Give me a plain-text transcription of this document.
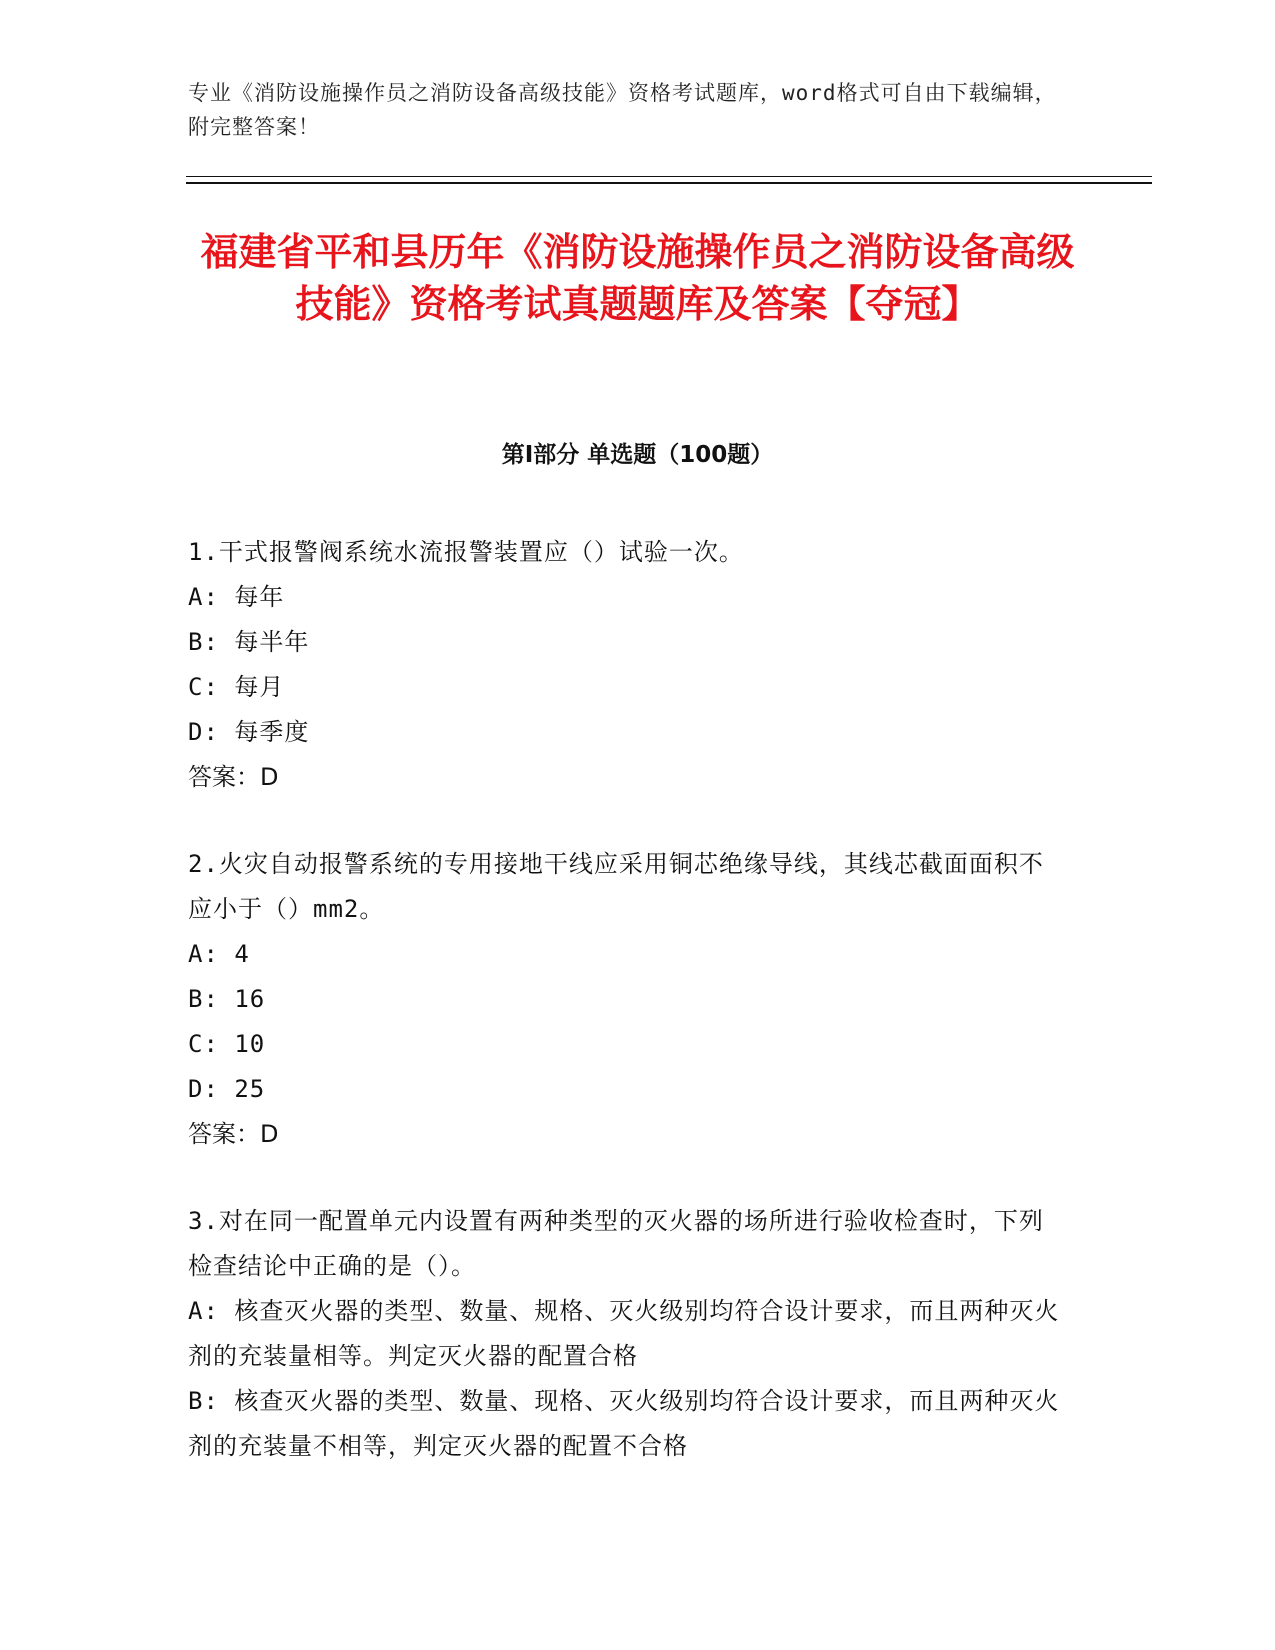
专业《消防设施操作员之消防设备高级技能》资格考试题库，word格式可自由下载编辑，附完整答案！
福建省平和县历年《消防设施操作员之消防设备高级技能》资格考试真题题库及答案【夺冠】
第Ⅰ部分 单选题（100题）

1.干式报警阀系统水流报警装置应（）试验一次。

A: 每年

B: 每半年

C: 每月

D: 每季度

答案：D

2.火灾自动报警系统的专用接地干线应采用铜芯绝缘导线，其线芯截面面积不应小于（）mm2。

A: 4

B: 16

C: 10

D: 25

答案：D

3.对在同一配置单元内设置有两种类型的灭火器的场所进行验收检查时，下列检查结论中正确的是（）。

A: 核查灭火器的类型、数量、规格、灭火级别均符合设计要求，而且两种灭火剂的充装量相等。判定灭火器的配置合格

B: 核查灭火器的类型、数量、现格、灭火级别均符合设计要求，而且两种灭火剂的充装量不相等，判定灭火器的配置不合格
